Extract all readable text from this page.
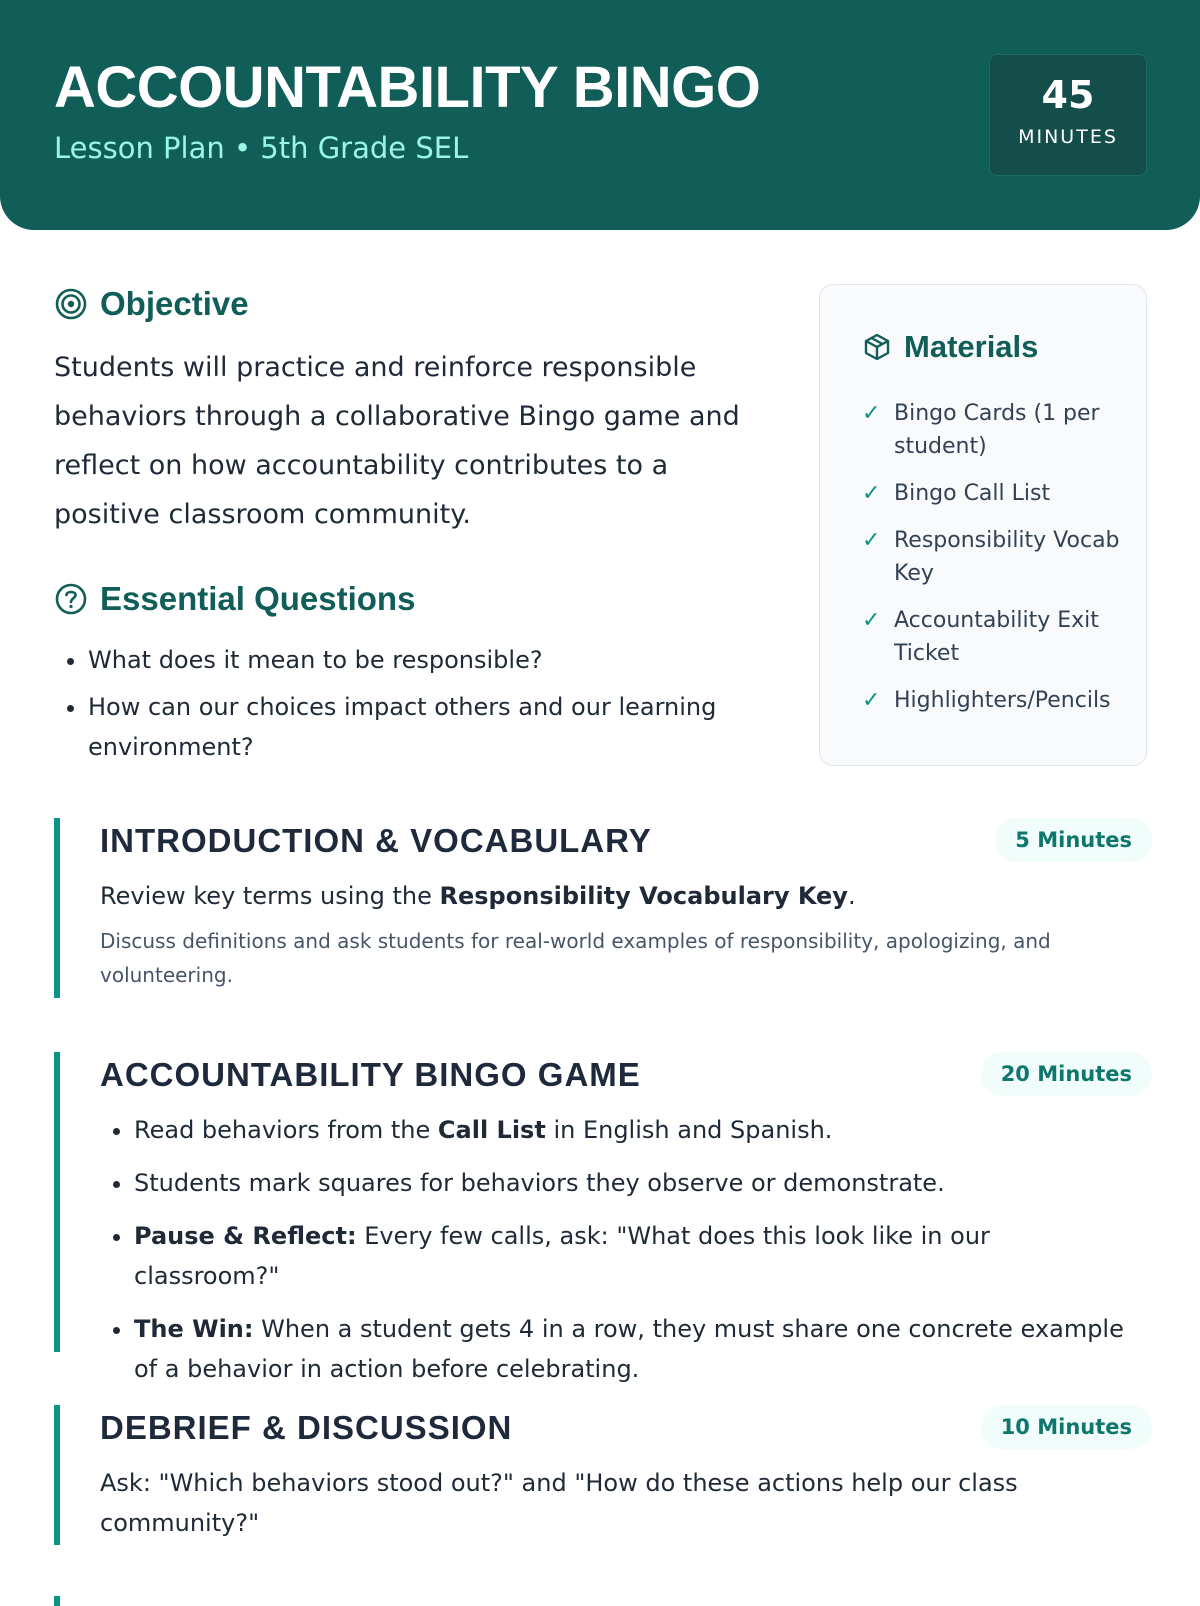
ACCOUNTABILITY BINGO
Lesson Plan • 5th Grade SEL
45
MINUTES
Objective

Students will practice and reinforce responsible behaviors through a collaborative Bingo game and reflect on how accountability contributes to a positive classroom community.

Essential Questions
• What does it mean to be responsible?
• How can our choices impact others and our learning environment?
Materials
✓ Bingo Cards (1 per student)
✓ Bingo Call List
✓ Responsibility Vocab Key
✓ Accountability Exit Ticket
✓ Highlighters/Pencils
INTRODUCTION & VOCABULARY	5 Minutes

Review key terms using the Responsibility Vocabulary Key.

Discuss definitions and ask students for real-world examples of responsibility, apologizing, and volunteering.

ACCOUNTABILITY BINGO GAME	20 Minutes
• Read behaviors from the Call List in English and Spanish.
• Students mark squares for behaviors they observe or demonstrate.
• Pause & Reflect: Every few calls, ask: "What does this look like in our classroom?"
• The Win: When a student gets 4 in a row, they must share one concrete example of a behavior in action before celebrating.
DEBRIEF & DISCUSSION	10 Minutes

Ask: "Which behaviors stood out?" and "How do these actions help our class community?"
